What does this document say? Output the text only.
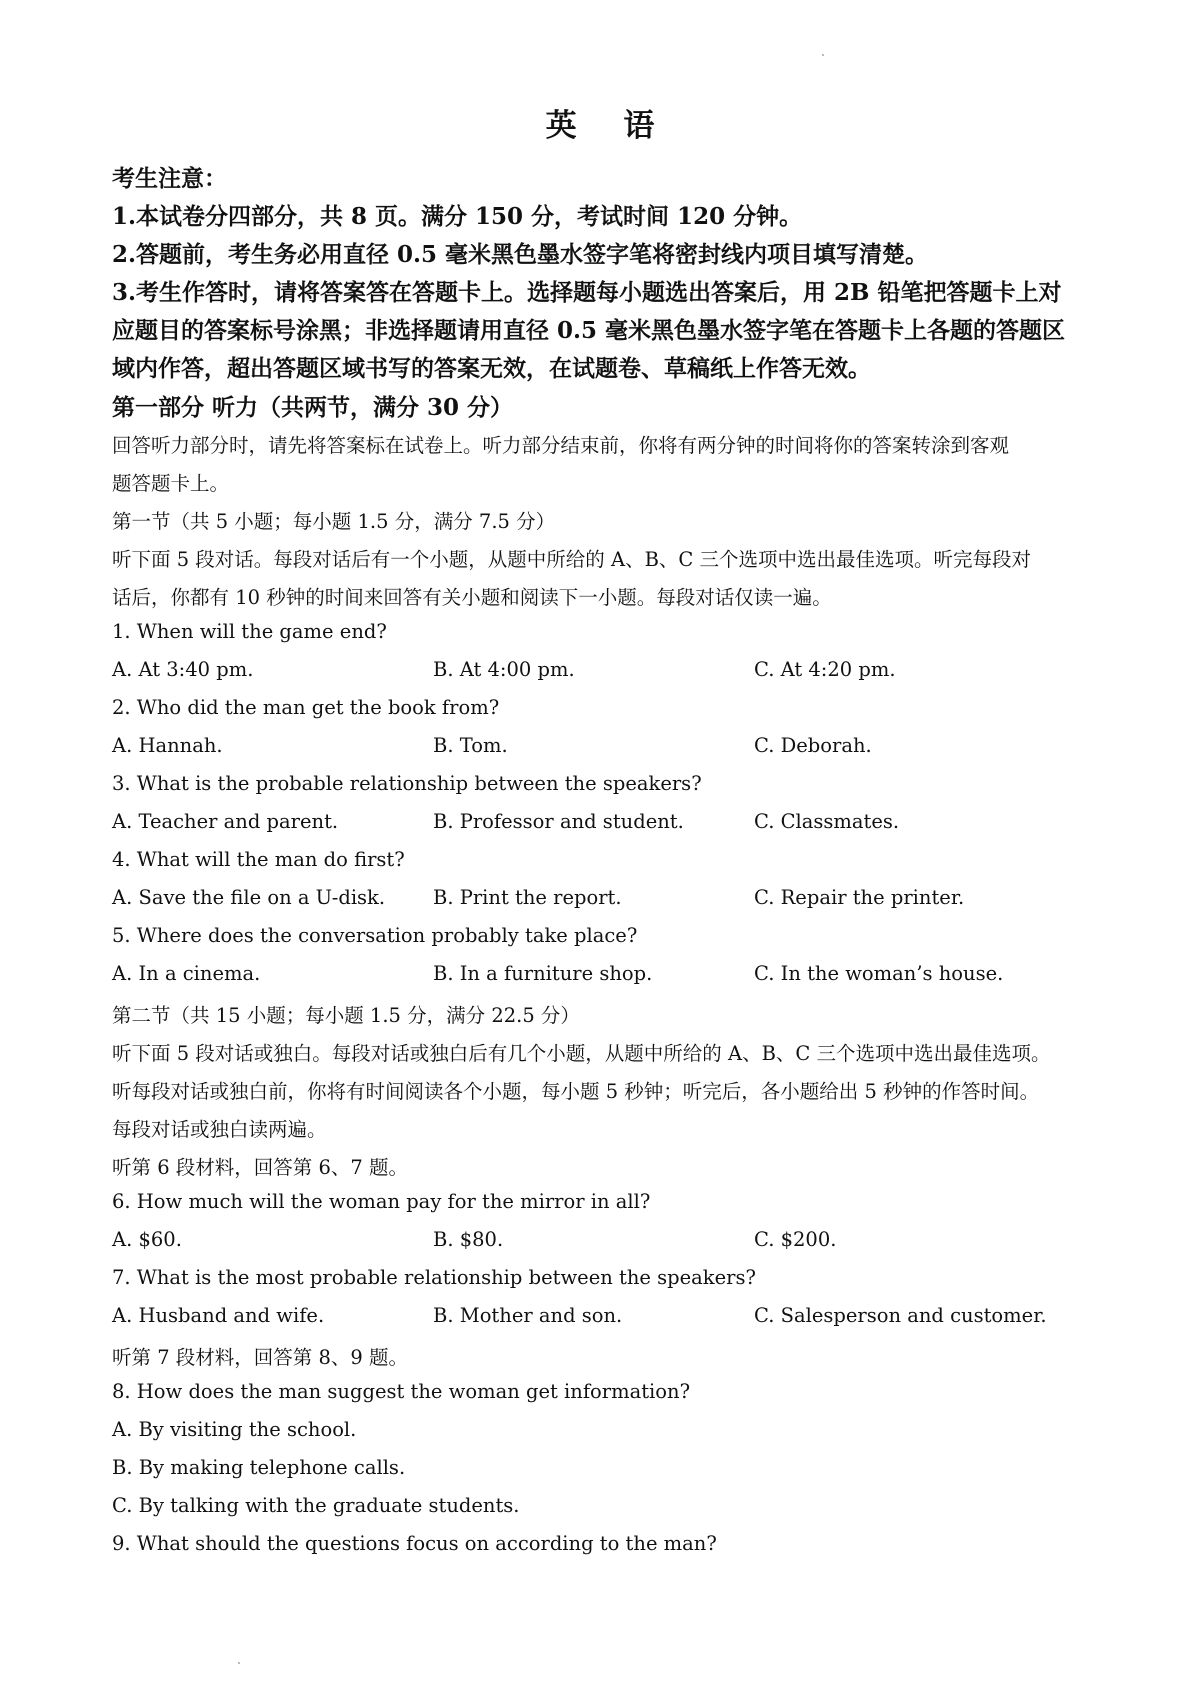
英 语
考生注意：
1.本试卷分四部分，共 8 页。满分 150 分，考试时间 120 分钟。
2.答题前，考生务必用直径 0.5 毫米黑色墨水签字笔将密封线内项目填写清楚。
3.考生作答时，请将答案答在答题卡上。选择题每小题选出答案后，用 2B 铅笔把答题卡上对
应题目的答案标号涂黑；非选择题请用直径 0.5 毫米黑色墨水签字笔在答题卡上各题的答题区
域内作答，超出答题区域书写的答案无效，在试题卷、草稿纸上作答无效。
第一部分 听力（共两节，满分 30 分）
回答听力部分时，请先将答案标在试卷上。听力部分结束前，你将有两分钟的时间将你的答案转涂到客观
题答题卡上。
第一节（共 5 小题；每小题 1.5 分，满分 7.5 分）
听下面 5 段对话。每段对话后有一个小题，从题中所给的 A、B、C 三个选项中选出最佳选项。听完每段对
话后，你都有 10 秒钟的时间来回答有关小题和阅读下一小题。每段对话仅读一遍。
1. When will the game end?
A. At 3:40 pm.	B. At 4:00 pm.	C. At 4:20 pm.
2. Who did the man get the book from?
A. Hannah.	B. Tom.	C. Deborah.
3. What is the probable relationship between the speakers?
A. Teacher and parent.	B. Professor and student.	C. Classmates.
4. What will the man do first?
A. Save the file on a U-disk. B. Print the report.	C. Repair the printer.
5. Where does the conversation probably take place?
A. In a cinema.	B. In a furniture shop.	C. In the woman’s house.
第二节（共 15 小题；每小题 1.5 分，满分 22.5 分）
听下面 5 段对话或独白。每段对话或独白后有几个小题，从题中所给的 A、B、C 三个选项中选出最佳选项。
听每段对话或独白前，你将有时间阅读各个小题，每小题 5 秒钟；听完后，各小题给出 5 秒钟的作答时间。
每段对话或独白读两遍。
听第 6 段材料，回答第 6、7 题。
6. How much will the woman pay for the mirror in all?
A. $60.	B. $80.	C. $200.
7. What is the most probable relationship between the speakers?
A. Husband and wife.	B. Mother and son.	C. Salesperson and customer.
听第 7 段材料，回答第 8、9 题。
8. How does the man suggest the woman get information?
A. By visiting the school.
B. By making telephone calls.
C. By talking with the graduate students.
9. What should the questions focus on according to the man?
